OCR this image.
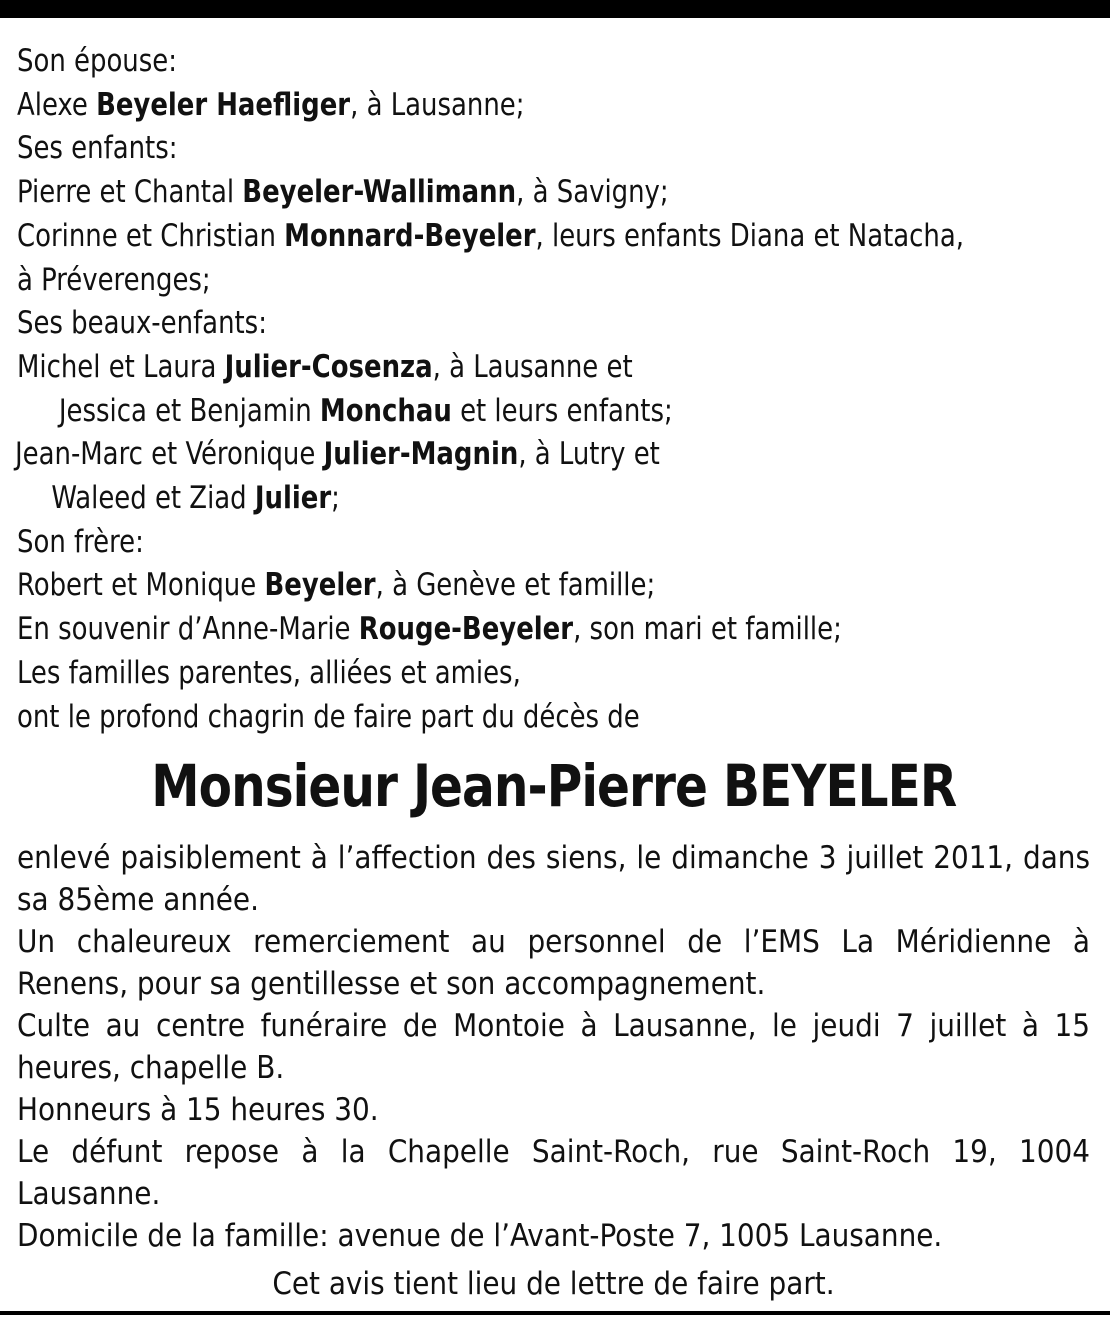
Son épouse:

Alexe Beyeler Haefliger, à Lausanne;

Ses enfants:

Pierre et Chantal Beyeler-Wallimann, à Savigny;

Corinne et Christian Monnard-Beyeler, leurs enfants Diana et Natacha,

à Préverenges;

Ses beaux-enfants:

Michel et Laura Julier-Cosenza, à Lausanne et

Jessica et Benjamin Monchau et leurs enfants;

Jean-Marc et Véronique Julier-Magnin, à Lutry et

Waleed et Ziad Julier;

Son frère:

Robert et Monique Beyeler, à Genève et famille;

En souvenir d’Anne-Marie Rouge-Beyeler, son mari et famille;

Les familles parentes, alliées et amies,

ont le profond chagrin de faire part du décès de

Monsieur Jean-Pierre BEYELER

enlevé paisiblement à l’affection des siens, le dimanche 3 juillet 2011, dans sa 85ème année.

Un chaleureux remerciement au personnel de l’EMS La Méridienne à Renens, pour sa gentillesse et son accompagnement.

Culte au centre funéraire de Montoie à Lausanne, le jeudi 7 juillet à 15 heures, chapelle B.

Honneurs à 15 heures 30.

Le défunt repose à la Chapelle Saint-Roch, rue Saint-Roch 19, 1004 Lausanne.

Domicile de la famille: avenue de l’Avant-Poste 7, 1005 Lausanne.

Cet avis tient lieu de lettre de faire part.
